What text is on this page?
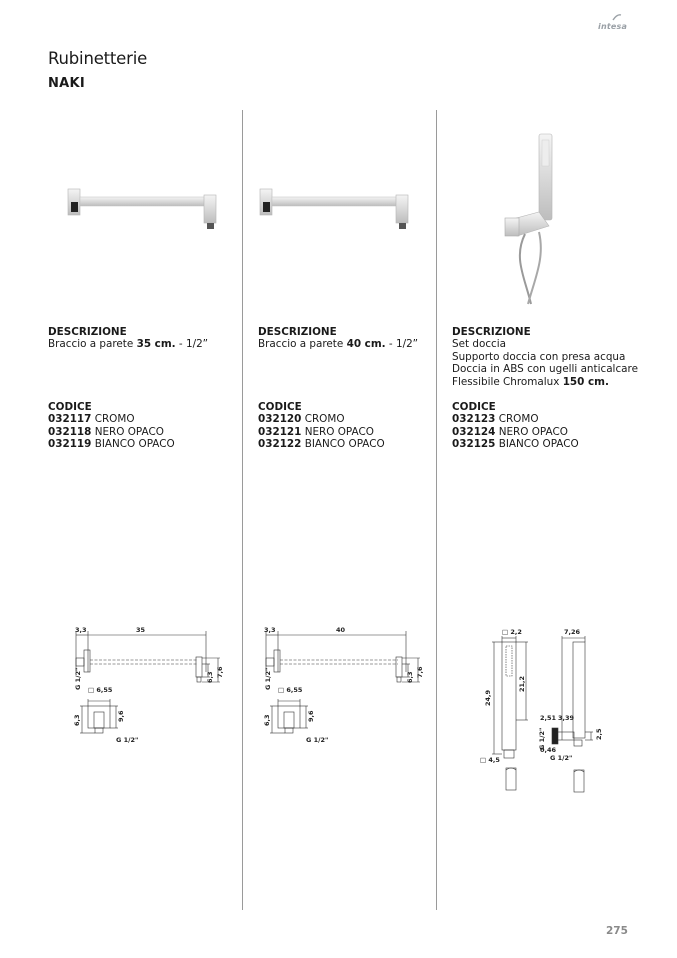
intesa
Rubinetterie
NAKI
DESCRIZIONE
Braccio a parete 35 cm. - 1/2”
CODICE
032117 CROMO
032118 NERO OPACO
032119 BIANCO OPACO
DESCRIZIONE
Braccio a parete 40 cm. - 1/2”
CODICE
032120 CROMO
032121 NERO OPACO
032122 BIANCO OPACO
DESCRIZIONE
Set doccia
Supporto doccia con presa acqua
Doccia in ABS con ugelli anticalcare
Flessibile Chromalux 150 cm.
CODICE
032123 CROMO
032124 NERO OPACO
032125 BIANCO OPACO
3,3	35
6,3 7,6
G 1/2" □ 6,55
6,3	9,6
G 1/2"
3,3	40
6,3 7,6
G 1/2" □ 6,55
6,3	9,6
G 1/2"
□ 2,2	7,26
24,9
21,2
2,51 3,39
G 1/2"	2,5
0,46
G 1/2"
□ 4,5
275
